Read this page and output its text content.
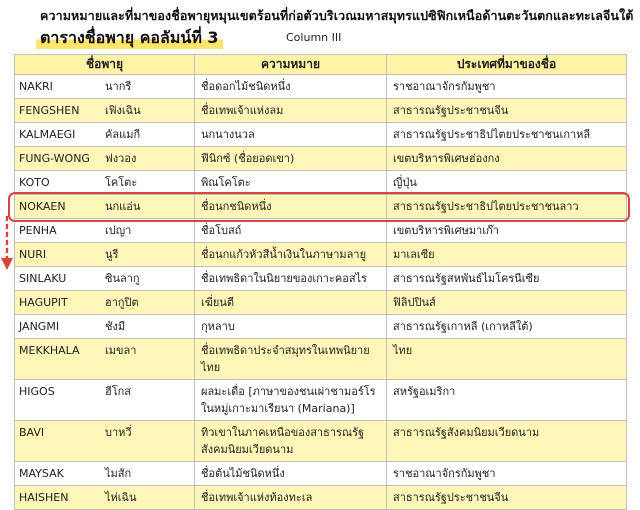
ความหมายและที่มาของชื่อพายุหมุนเขตร้อนที่ก่อตัวบริเวณมหาสมุทรแปซิฟิกเหนือด้านตะวันตกและทะเลจีนใต้
ตารางชื่อพายุ คอลัมน์ที่ 3	Column III
ชื่อพายุ	ความหมาย	ประเทศที่มาของชื่อ
NAKRI นากรี	ชื่อดอกไม้ชนิดหนึ่ง	ราชอาณาจักรกัมพูชา
FENGSHEN เฟิงเฉิน	ชื่อเทพเจ้าแห่งลม	สาธารณรัฐประชาชนจีน
KALMAEGI คัลแมกี	นกนางนวล	สาธารณรัฐประชาธิปไตยประชาชนเกาหลี
FUNG-WONG ฟงวอง	ฟีนิกซ์ (ชื่อยอดเขา)	เขตบริหารพิเศษฮ่องกง
KOTO โคโตะ	พิณโคโตะ	ญี่ปุ่น
NOKAEN นกแอ่น	ชื่อนกชนิดหนึ่ง	สาธารณรัฐประชาธิปไตยประชาชนลาว
PENHA เปญา	ชื่อโบสถ์	เขตบริหารพิเศษมาเก๊า
NURI นูรี	ชื่อนกแก้วหัวสีน้ำเงินในภาษามลายู	มาเลเซีย
SINLAKU ซินลากู	ชื่อเทพธิดาในนิยายของเกาะคอสไร	สาธารณรัฐสหพันธ์ไมโครนีเซีย
HAGUPIT ฮากูปิต	เฆี่ยนตี	ฟิลิปปินส์
JANGMI ชังมี	กุหลาบ	สาธารณรัฐเกาหลี (เกาหลีใต้)
MEKKHALA เมขลา	ชื่อเทพธิดาประจำสมุทรในเทพนิยายไทย	ไทย
HIGOS ฮีโกส	ผลมะเดื่อ [ภาษาของชนเผ่าชามอร์โรในหมู่เกาะมาเรียนา (Mariana)]	สหรัฐอเมริกา
BAVI บาหวี่	ทิวเขาในภาคเหนือของสาธารณรัฐสังคมนิยมเวียดนาม	สาธารณรัฐสังคมนิยมเวียดนาม
MAYSAK ไมสัก	ชื่อต้นไม้ชนิดหนึ่ง	ราชอาณาจักรกัมพูชา
HAISHEN ไห่เฉิน	ชื่อเทพเจ้าแห่งท้องทะเล	สาธารณรัฐประชาชนจีน
